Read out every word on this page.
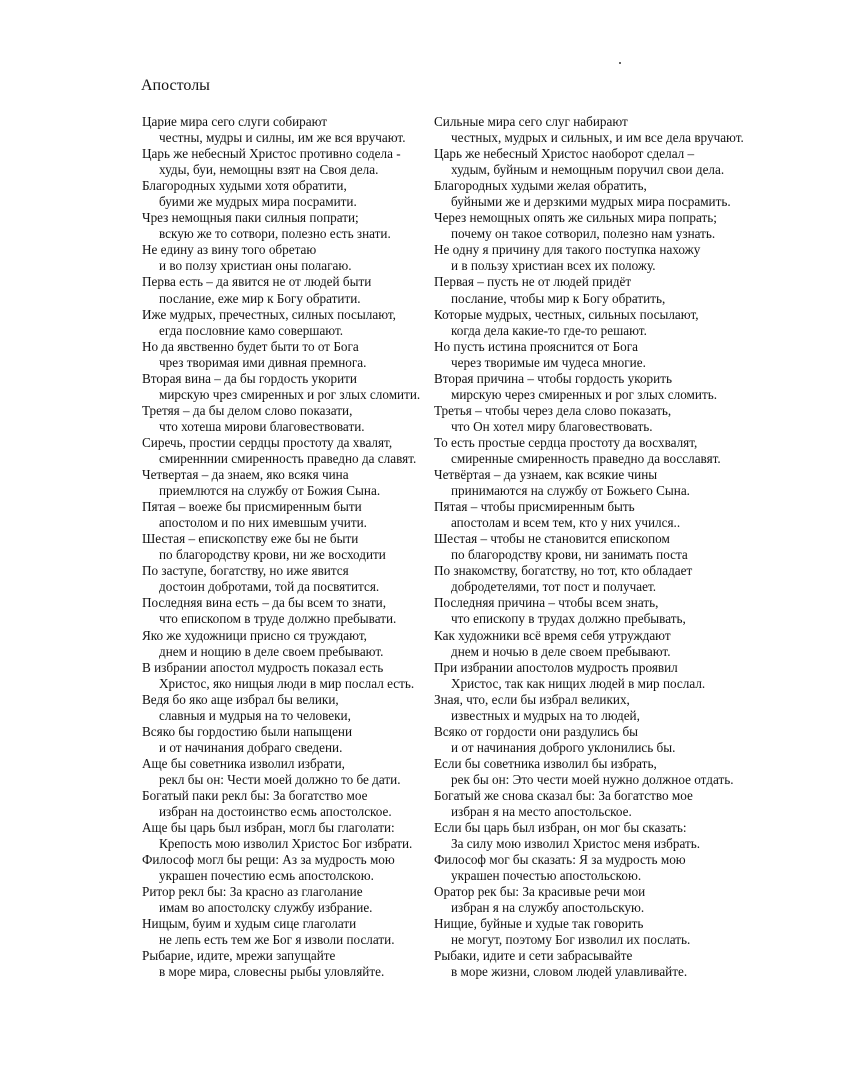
Апостолы
Царие мира сего слуги собирают
честны, мудры и силны, им же вся вручают.
Царь же небесный Христос противно содела -
худы, буи, немощны взят на Своя дела.
Благородных худыми хотя обратити,
буими же мудрых мира посрамити.
Чрез немощныя паки силныя попрати;
вскую же то сотвори, полезно есть знати.
Не едину аз вину того обретаю
и во ползу христиан оны полагаю.
Перва есть – да явится не от людей быти
послание, еже мир к Богу обратити.
Иже мудрых, пречестных, силных посылают,
егда пословние камо совершают.
Но да явственно будет быти то от Бога
чрез творимая ими дивная премнога.
Вторая вина – да бы гордость укорити
мирскую чрез смиренных и рог злых сломити.
Третяя – да бы делом слово показати,
что хотеша мирови благовествовати.
Сиречь, простии сердцы простоту да хвалят,
смиренннии смиренность праведно да славят.
Четвертая – да знаем, яко всякя чина
приемлются на службу от Божия Сына.
Пятая – воеже бы присмиренным быти
апостолом и по них имевшым учити.
Шестая – епископству еже бы не быти
по благородству крови, ни же восходити
По заступе, богатству, но иже явится
достоин добротами, той да посвятится.
Последняя вина есть – да бы всем то знати,
что епископом в труде должно пребывати.
Яко же художници присно ся труждают,
днем и нощию в деле своем пребывают.
В избрании апостол мудрость показал есть
Христос, яко нищыя люди в мир послал есть.
Ведя бо яко аще избрал бы велики,
славныя и мудрыя на то человеки,
Всяко бы гордостию были напыщени
и от начинания добраго сведени.
Аще бы советника изволил избрати,
рекл бы он: Чести моей должно то бе дати.
Богатый паки рекл бы: За богатство мое
избран на достоинство есмь апостолское.
Аще бы царь был избран, могл бы глаголати:
Крепость мою изволил Христос Бог избрати.
Философ могл бы рещи: Аз за мудрость мою
украшен почестию есмь апостолскою.
Ритор рекл бы: За красно аз глаголание
имам во апостолску службу избрание.
Нищым, буим и худым сице глаголати
не лепь есть тем же Бог я изволи послати.
Рыбарие, идите, мрежи запущайте
в море мира, словесны рыбы уловляйте.
Сильные мира сего слуг набирают
честных, мудрых и сильных, и им все дела вручают.
Царь же небесный Христос наоборот сделал –
худым, буйным и немощным поручил свои дела.
Благородных худыми желая обратить,
буйными же и дерзкими мудрых мира посрамить.
Через немощных опять же сильных мира попрать;
почему он такое сотворил, полезно нам узнать.
Не одну я причину для такого поступка нахожу
и в пользу христиан всех их положу.
Первая – пусть не от людей придёт
послание, чтобы мир к Богу обратить,
Которые мудрых, честных, сильных посылают,
когда дела какие-то где-то решают.
Но пусть истина прояснится от Бога
через творимые им чудеса многие.
Вторая причина – чтобы гордость укорить
мирскую через смиренных и рог злых сломить.
Третья – чтобы через дела слово показать,
что Он хотел миру благовествовать.
То есть простые сердца простоту да восхвалят,
смиренные смиренность праведно да восславят.
Четвёртая – да узнаем, как всякие чины
принимаются на службу от Божьего Сына.
Пятая – чтобы присмиренным быть
апостолам и всем тем, кто у них учился..
Шестая – чтобы не становится епископом
по благородству крови, ни занимать поста
По знакомству, богатству, но тот, кто обладает
добродетелями, тот пост и получает.
Последняя причина – чтобы всем знать,
что епископу в трудах должно пребывать,
Как художники всё время себя утруждают
днем и ночью в деле своем пребывают.
При избрании апостолов мудрость проявил
Христос, так как нищих людей в мир послал.
Зная, что, если бы избрал великих,
известных и мудрых на то людей,
Всяко от гордости они раздулись бы
и от начинания доброго уклонились бы.
Если бы советника изволил бы избрать,
рек бы он: Это чести моей нужно должное отдать.
Богатый же снова сказал бы: За богатство мое
избран я на место апостольское.
Если бы царь был избран, он мог бы сказать:
За силу мою изволил Христос меня избрать.
Философ мог бы сказать: Я за мудрость мою
украшен почестью апостольскою.
Оратор рек бы: За красивые речи мои
избран я на службу апостольскую.
Нищие, буйные и худые так говорить
не могут, поэтому Бог изволил их послать.
Рыбаки, идите и сети забрасывайте
в море жизни, словом людей улавливайте.
